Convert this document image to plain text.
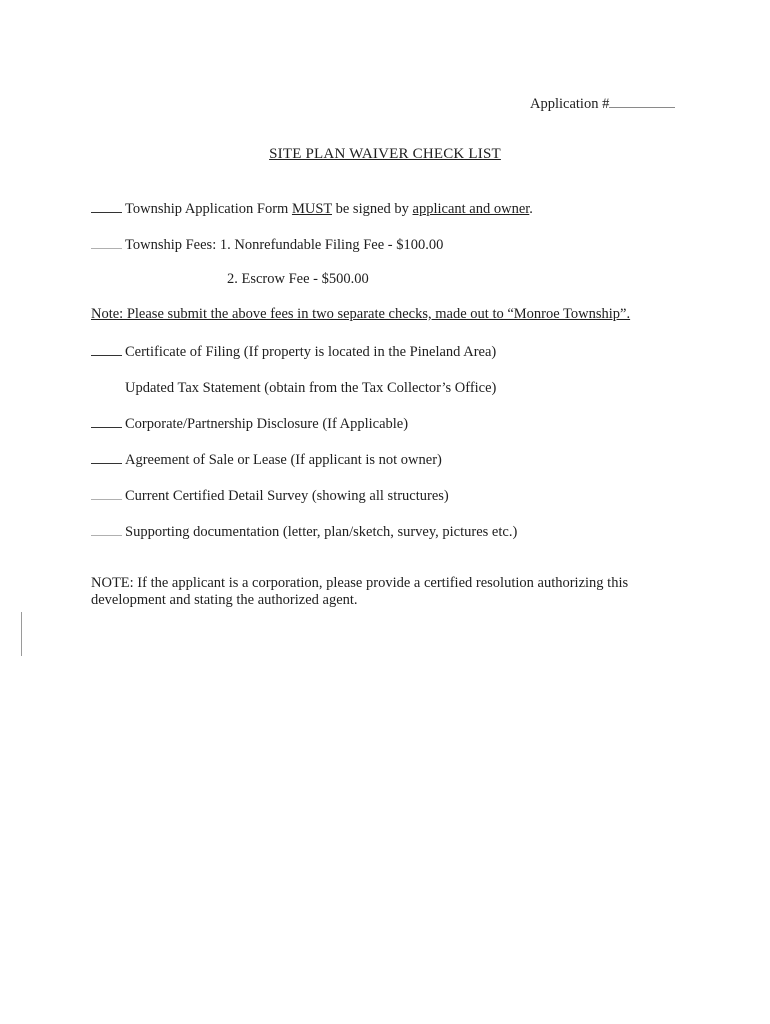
Application #
SITE PLAN WAIVER CHECK LIST
Township Application Form MUST be signed by applicant and owner.
Township Fees: 1. Nonrefundable Filing Fee - $100.00
2. Escrow Fee - $500.00
Note: Please submit the above fees in two separate checks, made out to “Monroe Township”.
Certificate of Filing (If property is located in the Pineland Area)
Updated Tax Statement (obtain from the Tax Collector’s Office)
Corporate/Partnership Disclosure (If Applicable)
Agreement of Sale or Lease (If applicant is not owner)
Current Certified Detail Survey (showing all structures)
Supporting documentation (letter, plan/sketch, survey, pictures etc.)
NOTE: If the applicant is a corporation, please provide a certified resolution authorizing this development and stating the authorized agent.
